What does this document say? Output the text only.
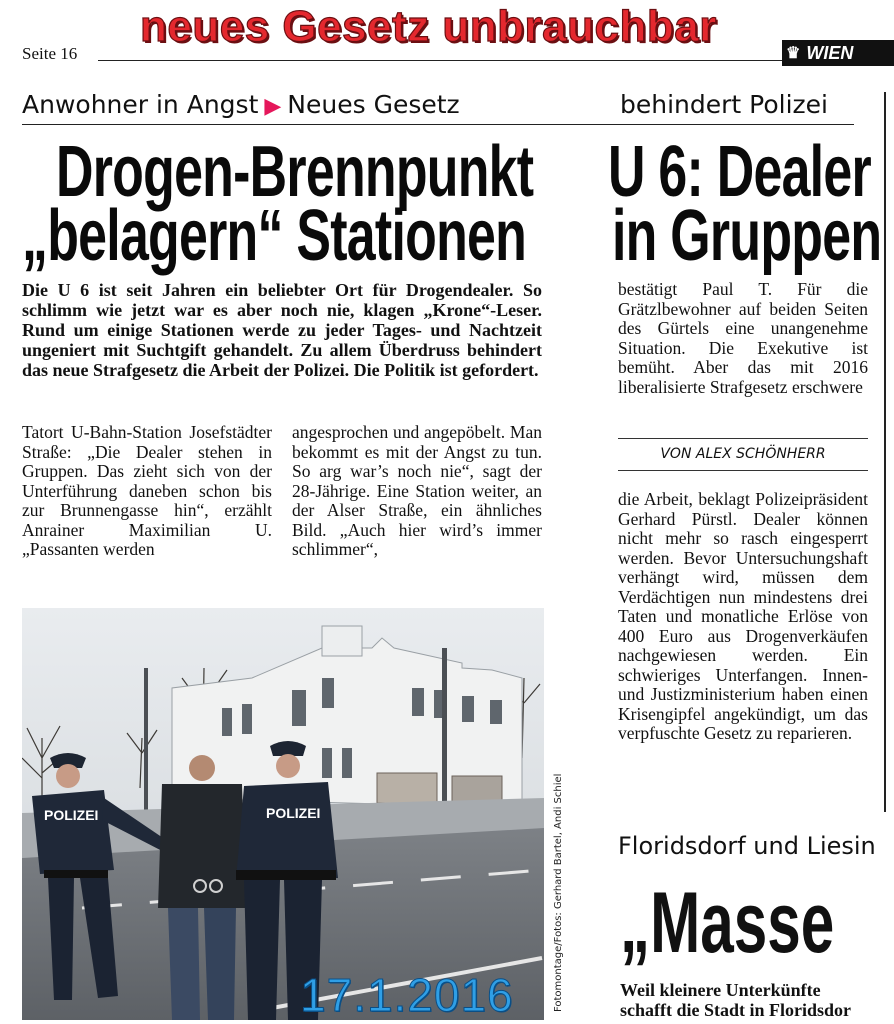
Seite 16
neues Gesetz unbrauchbar
♛ WIEN
Anwohner in Angst ▶ Neues Gesetz	behindert Polizei
Drogen-Brennpunkt
„belagern“ Stationen
U 6: Dealer
in Gruppen
Die U 6 ist seit Jahren ein beliebter Ort für Drogendealer. So schlimm wie jetzt war es aber noch nie, klagen „Krone“-Leser. Rund um einige Stationen werde zu jeder Tages- und Nachtzeit ungeniert mit Suchtgift gehandelt. Zu allem Überdruss behindert das neue Strafgesetz die Arbeit der Polizei. Die Politik ist gefordert.
Tatort U-Bahn-Station Josefstädter Straße: „Die Dealer stehen in Gruppen. Das zieht sich von der Unterführung daneben schon bis zur Brunnengasse hin“, erzählt Anrainer Maximilian U. „Passanten werden
angesprochen und angepöbelt. Man bekommt es mit der Angst zu tun. So arg war’s noch nie“, sagt der 28-Jährige. Eine Station weiter, an der Alser Straße, ein ähnliches Bild. „Auch hier wird’s immer schlimmer“,
bestätigt Paul T. Für die Grätzlbewohner auf beiden Seiten des Gürtels eine unangenehme Situation. Die Exekutive ist bemüht. Aber das mit 2016 liberalisierte Strafgesetz erschwere
VON ALEX SCHÖNHERR
die Arbeit, beklagt Polizeipräsident Gerhard Pürstl. Dealer können nicht mehr so rasch eingesperrt werden. Bevor Untersuchungshaft verhängt wird, müssen dem Verdächtigen nun mindestens drei Taten und monatliche Erlöse von 400 Euro aus Drogenverkäufen nachgewiesen werden. Ein schwieriges Unterfangen. Innen- und Justizministerium haben einen Krisengipfel angekündigt, um das verpfuschte Gesetz zu reparieren.
POLIZEI	POLIZEI	Fotomontage/Fotos: Gerhard Bartel, Andi Schiel
17.1.2016
Floridsdorf und Liesin
„Masse
Weil kleinere Unterkünfte
schafft die Stadt in Floridsdor
